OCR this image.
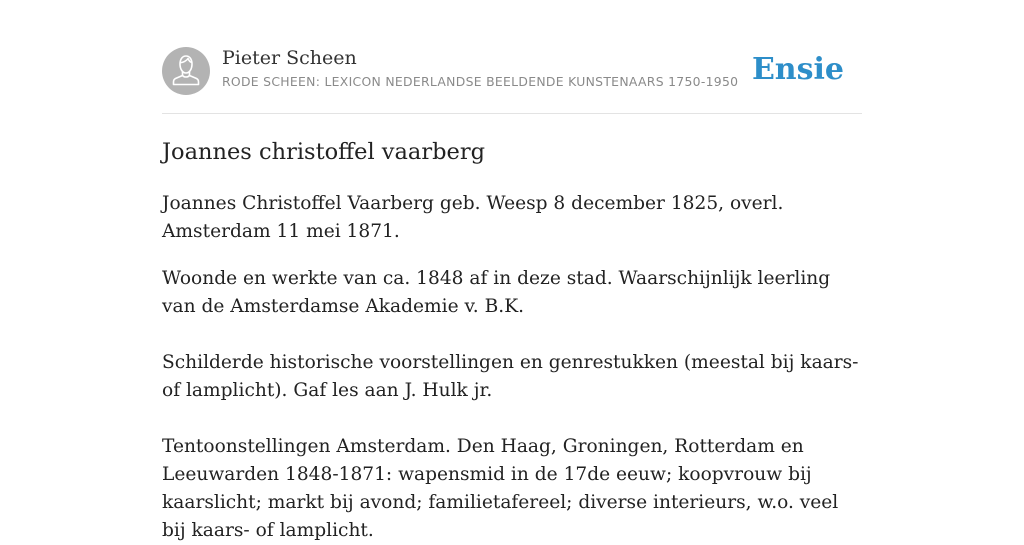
Pieter Scheen
RODE SCHEEN: LEXICON NEDERLANDSE BEELDENDE KUNSTENAARS 1750-1950 Ensie
Joannes christoffel vaarberg

Joannes Christoffel Vaarberg geb. Weesp 8 december 1825, overl. Amsterdam 11 mei 1871.

Woonde en werkte van ca. 1848 af in deze stad. Waarschijnlijk leerling van de Amsterdamse Akademie v. B.K.

Schilderde historische voorstellingen en genrestukken (meestal bij kaars- of lamplicht). Gaf les aan J. Hulk jr.

Tentoonstellingen Amsterdam. Den Haag, Groningen, Rotterdam en Leeuwarden 1848-1871: wapensmid in de 17de eeuw; koopvrouw bij kaarslicht; markt bij avond; familietafereel; diverse interieurs, w.o. veel bij kaars- of lamplicht.
